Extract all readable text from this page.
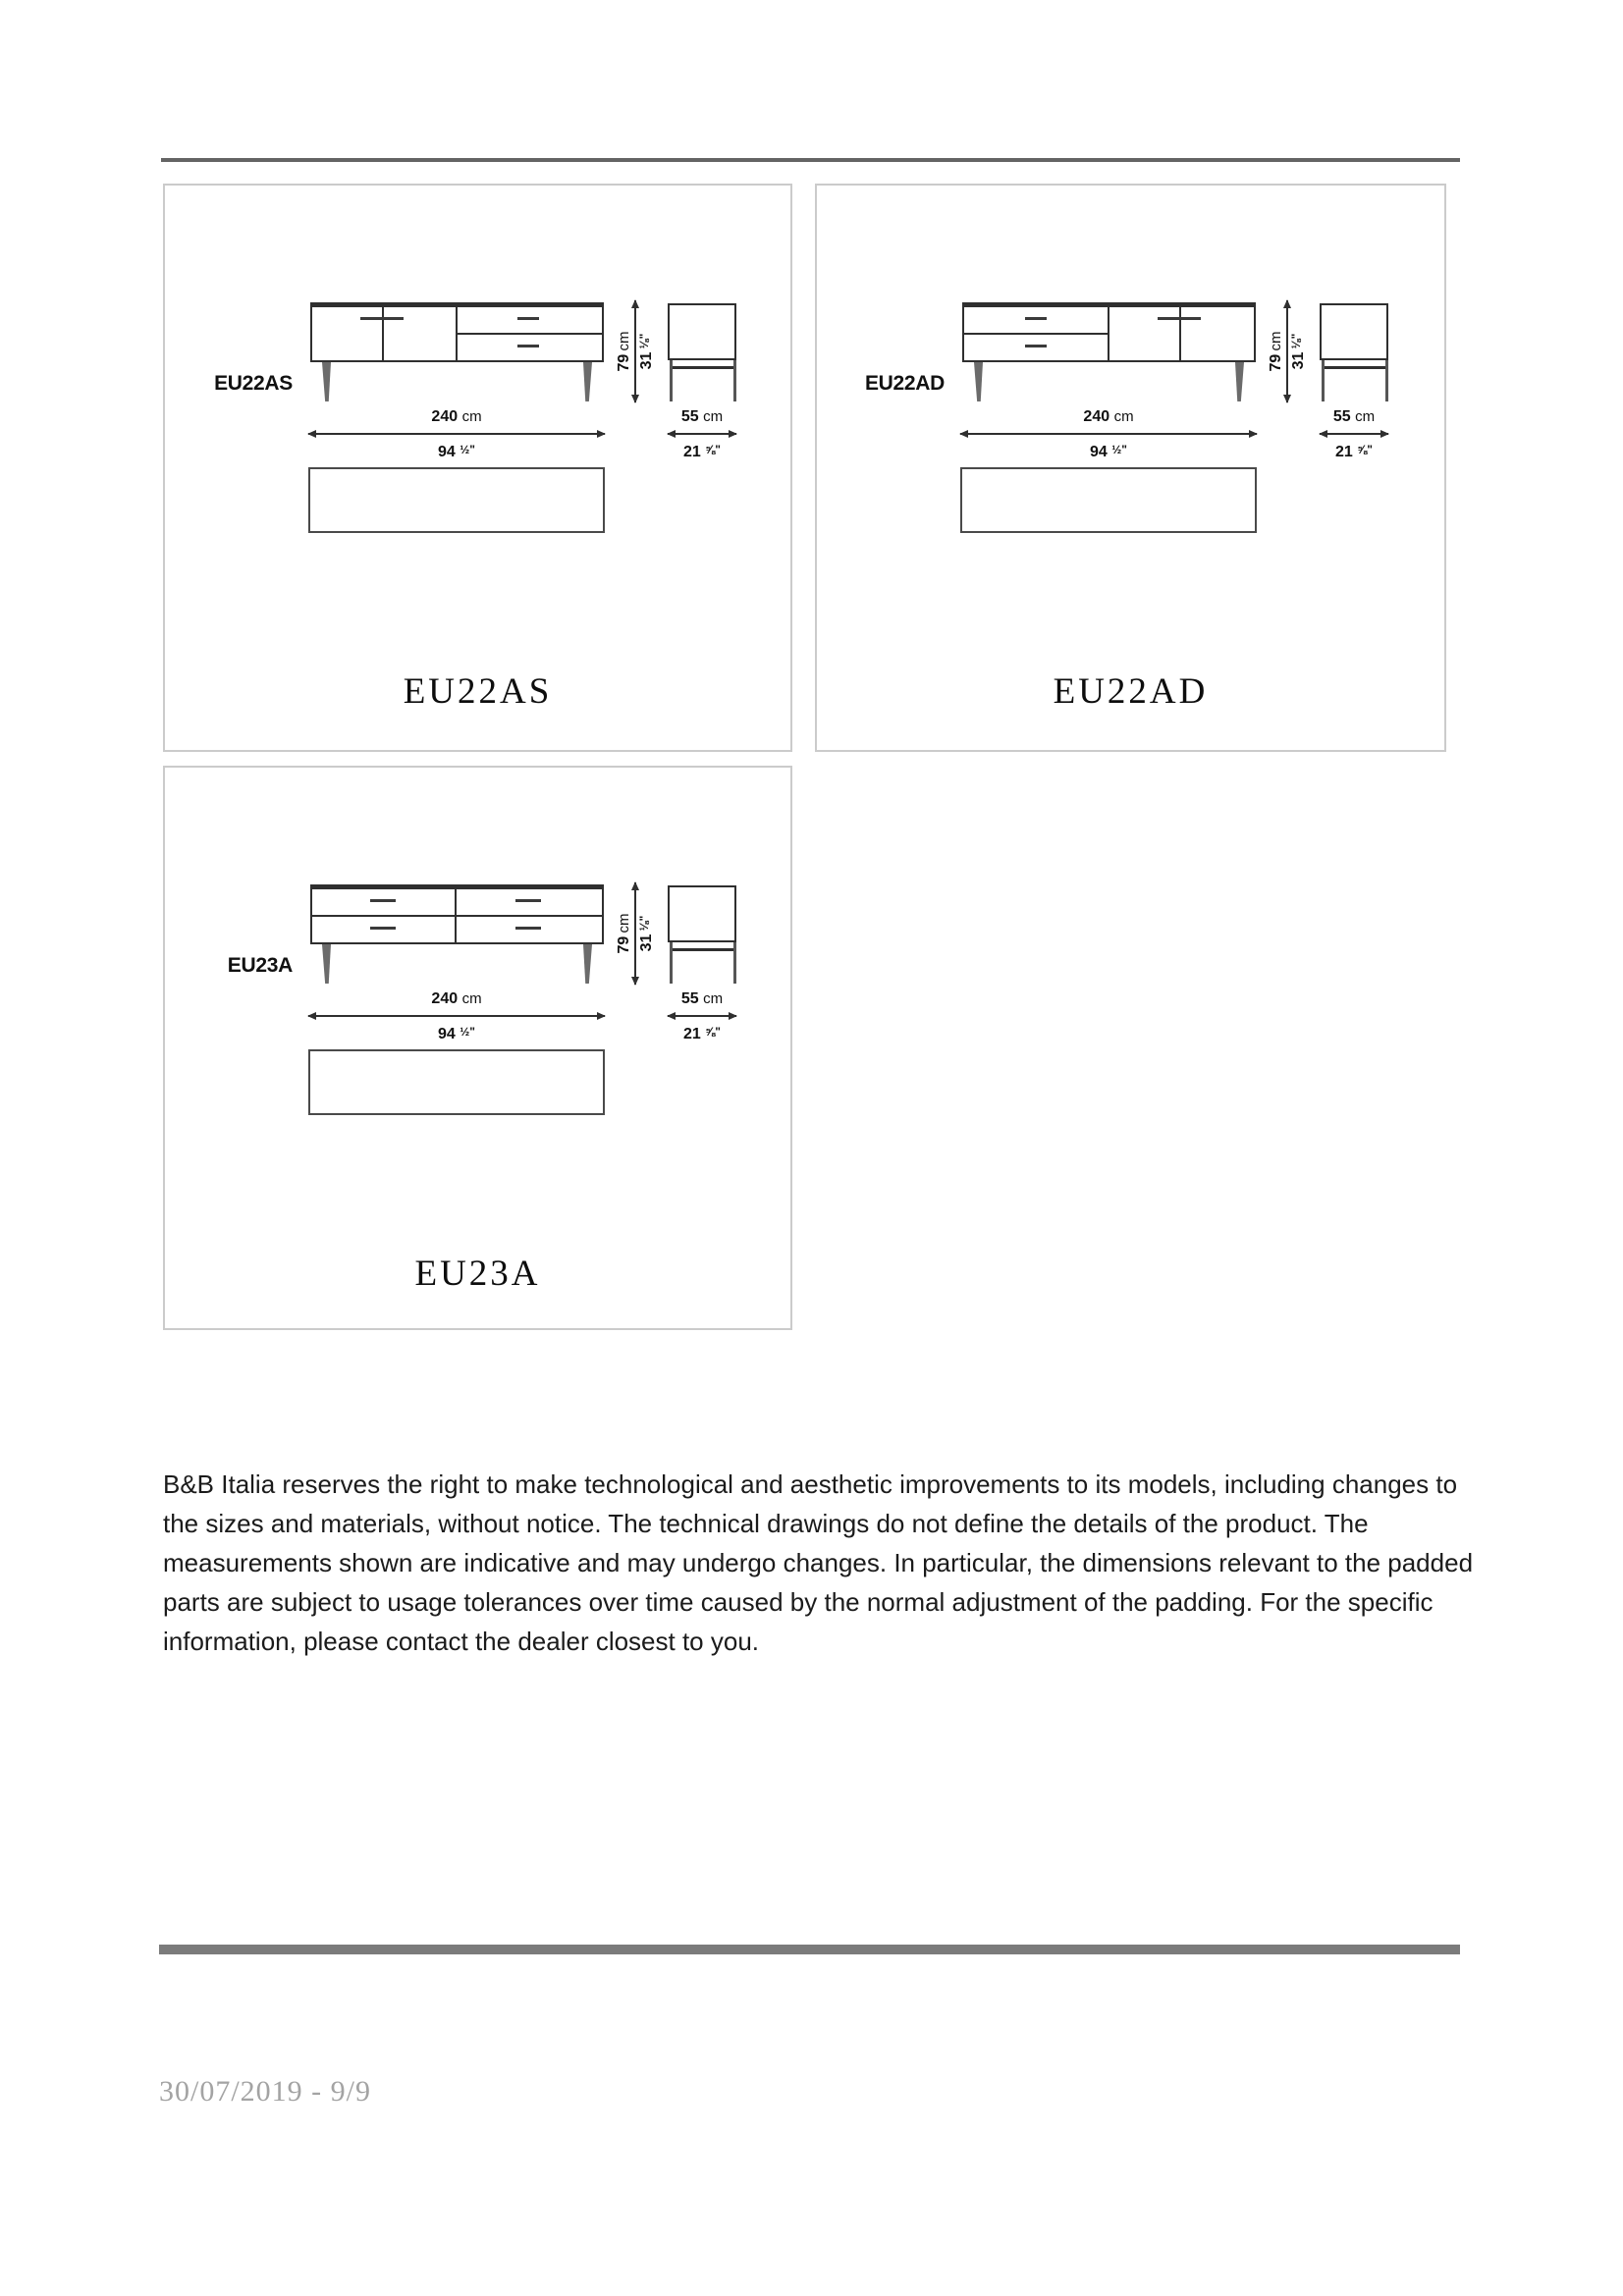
EU22AS
79 cm
31 ⅛"
240 cm
94 ½"
55 cm
21 ⅝"
EU22AS
EU22AD
79 cm
31 ⅛"
240 cm
94 ½"
55 cm
21 ⅝"
EU22AD
EU23A
79 cm
31 ⅛"
240 cm
94 ½"
55 cm
21 ⅝"
EU23A

B&B Italia reserves the right to make technological and aesthetic improvements to its models, including changes to the sizes and materials, without notice. The technical drawings do not define the details of the product. The measurements shown are indicative and may undergo changes. In particular, the dimensions relevant to the padded parts are subject to usage tolerances over time caused by the normal adjustment of the padding. For the specific information, please contact the dealer closest to you.

30/07/2019 - 9/9
